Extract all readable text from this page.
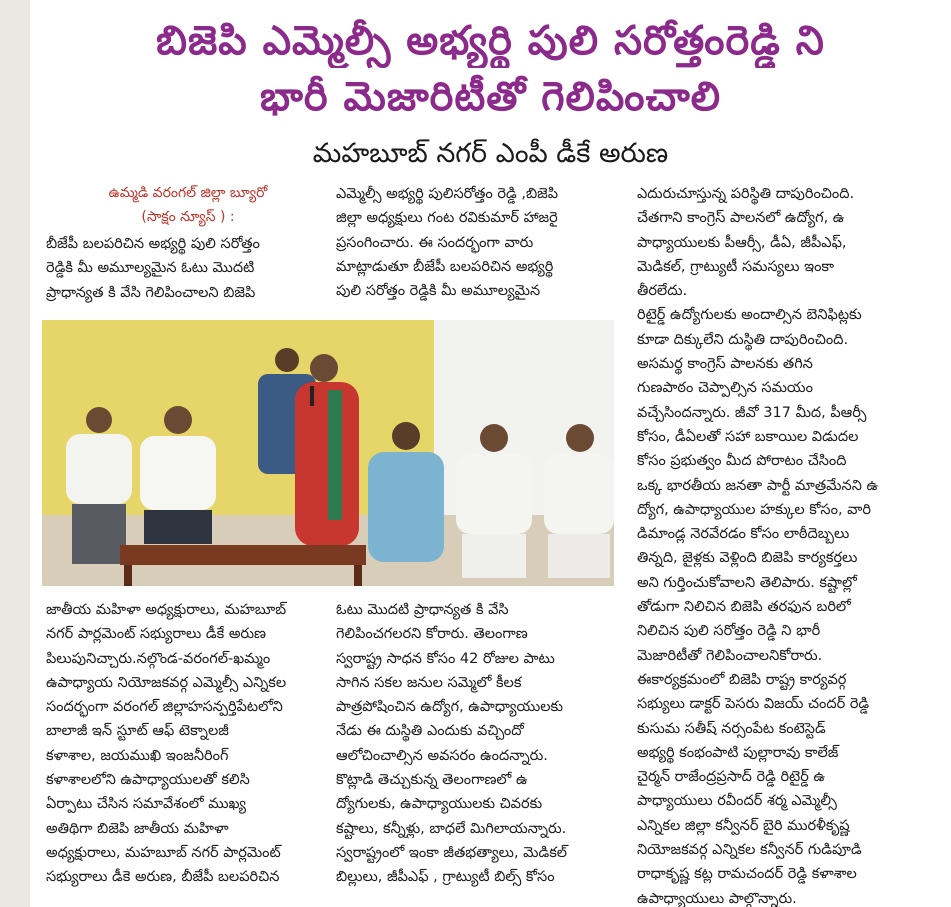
బిజెపి ఎమ్మెల్సీ అభ్యర్థి పులి సరోత్తంరెడ్డి ని
భారీ మెజారిటీతో గెలిపించాలి
మహబూబ్ నగర్ ఎంపీ డీకే అరుణ
ఉమ్మడి వరంగల్ జిల్లా బ్యూరో
(సాక్షం న్యూస్ ) :

బీజేపీ బలపరిచిన అభ్యర్థి పులి సరోత్తం

రెడ్డికి మీ అమూల్యమైన ఓటు మొదటి

ప్రాధాన్యత కి వేసి గెలిపించాలని బిజెపి

ఎమ్మెల్సీ అభ్యర్థి పులిసరోత్తం రెడ్డి ,బిజెపి

జిల్లా అధ్యక్షులు గంట రవికుమార్ హాజరై

ప్రసంగించారు. ఈ సందర్భంగా వారు

మాట్లాడుతూ బీజేపీ బలపరిచిన అభ్యర్థి

పులి సరోత్తం రెడ్డికి మీ అమూల్యమైన

జాతీయ మహిళా అధ్యక్షురాలు, మహబూబ్

నగర్ పార్లమెంట్ సభ్యురాలు డీకే అరుణ

పిలుపునిచ్చారు.నల్గొండ-వరంగల్-ఖమ్మం

ఉపాధ్యాయ నియోజకవర్గ ఎమ్మెల్సీ ఎన్నికల

సందర్భంగా వరంగల్ జిల్లాహసన్పర్తిపేటలోని

బాలాజీ ఇన్ స్టూట్ ఆఫ్ టెక్నాలజీ

కళాశాల, జయముఖి ఇంజనీరింగ్

కళాశాలలోని ఉపాధ్యాయులతో కలిసి

ఏర్పాటు చేసిన సమావేశంలో ముఖ్య

అతిథిగా బిజెపి జాతీయ మహిళా

అధ్యక్షురాలు, మహబూబ్ నగర్ పార్లమెంట్

సభ్యురాలు డీకె అరుణ, బీజేపీ బలపరిచిన

ఓటు మొదటి ప్రాధాన్యత కి వేసి

గెలిపించగలరని కోరారు. తెలంగాణ

స్వరాష్ట్ర సాధన కోసం 42 రోజుల పాటు

సాగిన సకల జనుల సమ్మెలో కీలక

పాత్రపోషించిన ఉద్యోగ, ఉపాధ్యాయులకు

నేడు ఈ దుస్థితి ఎందుకు వచ్చిందో

ఆలోచించాల్సిన అవసరం ఉందన్నారు.

కొట్లాడి తెచ్చుకున్న తెలంగాణలో ఉ

ద్యోగులకు, ఉపాధ్యాయులకు చివరకు

కష్టాలు, కన్నీళ్లు, బాధలే మిగిలాయన్నారు.

స్వరాష్ట్రంలో ఇంకా జీతభత్యాలు, మెడికల్

బిల్లులు, జీపీఎఫ్ , గ్రాట్యుటీ బిల్స్ కోసం

ఎదురుచూస్తున్న పరిస్థితి దాపురించింది.

చేతగాని కాంగ్రెస్ పాలనలో ఉద్యోగ, ఉ

పాధ్యాయులకు పీఆర్సీ, డీఏ, జీపీఎఫ్,

మెడికల్, గ్రాట్యుటీ సమస్యలు ఇంకా

తీరలేదు.

రిటైర్డ్ ఉద్యోగులకు అందాల్సిన బెనిఫిట్లకు

కూడా దిక్కులేని దుస్థితి దాపురించింది.

అసమర్థ కాంగ్రెస్ పాలనకు తగిన

గుణపాఠం చెప్పాల్సిన సమయం

వచ్చేసిందన్నారు. జీవో 317 మీద, పీఆర్సీ

కోసం, డీఏలతో సహా బకాయిల విడుదల

కోసం ప్రభుత్వం మీద పోరాటం చేసింది

ఒక్క భారతీయ జనతా పార్టీ మాత్రమేనని ఉ

ద్యోగ, ఉపాధ్యాయుల హక్కుల కోసం, వారి

డిమాండ్ల నెరవేరడం కోసం లాఠీదెబ్బలు

తిన్నది, జైళ్లకు వెళ్లింది బిజెపి కార్యకర్తలు

అని గుర్తించుకోవాలని తెలిపారు. కష్టాల్లో

తోడుగా నిలిచిన బిజెపి తరఫున బరిలో

నిలిచిన పులి సరోత్తం రెడ్డి ని భారీ

మెజారిటీతో గెలిపించాలనికోరారు.

ఈకార్యక్రమంలో బిజెపి రాష్ట్ర కార్యవర్గ

సభ్యులు డాక్టర్ పెసరు విజయ్ చందర్ రెడ్డి

కుసుమ సతీష్ నర్సంపేట కంటెస్టెడ్

అభ్యర్థి కంభంపాటి పుల్లారావు కాలేజ్

చైర్మన్ రాజేంద్రప్రసాద్ రెడ్డి రిటైర్డ్ ఉ

పాధ్యాయులు రవీందర్ శర్మ ఎమ్మెల్సీ

ఎన్నికల జిల్లా కన్వీనర్ బైరి మురళీకృష్ణ

నియోజకవర్గ ఎన్నికల కన్వీనర్ గుడిపూడి

రాధాకృష్ణ కట్ల రామచందర్ రెడ్డి కళాశాల

ఉపాధ్యాయులు పాల్గొన్నారు.
